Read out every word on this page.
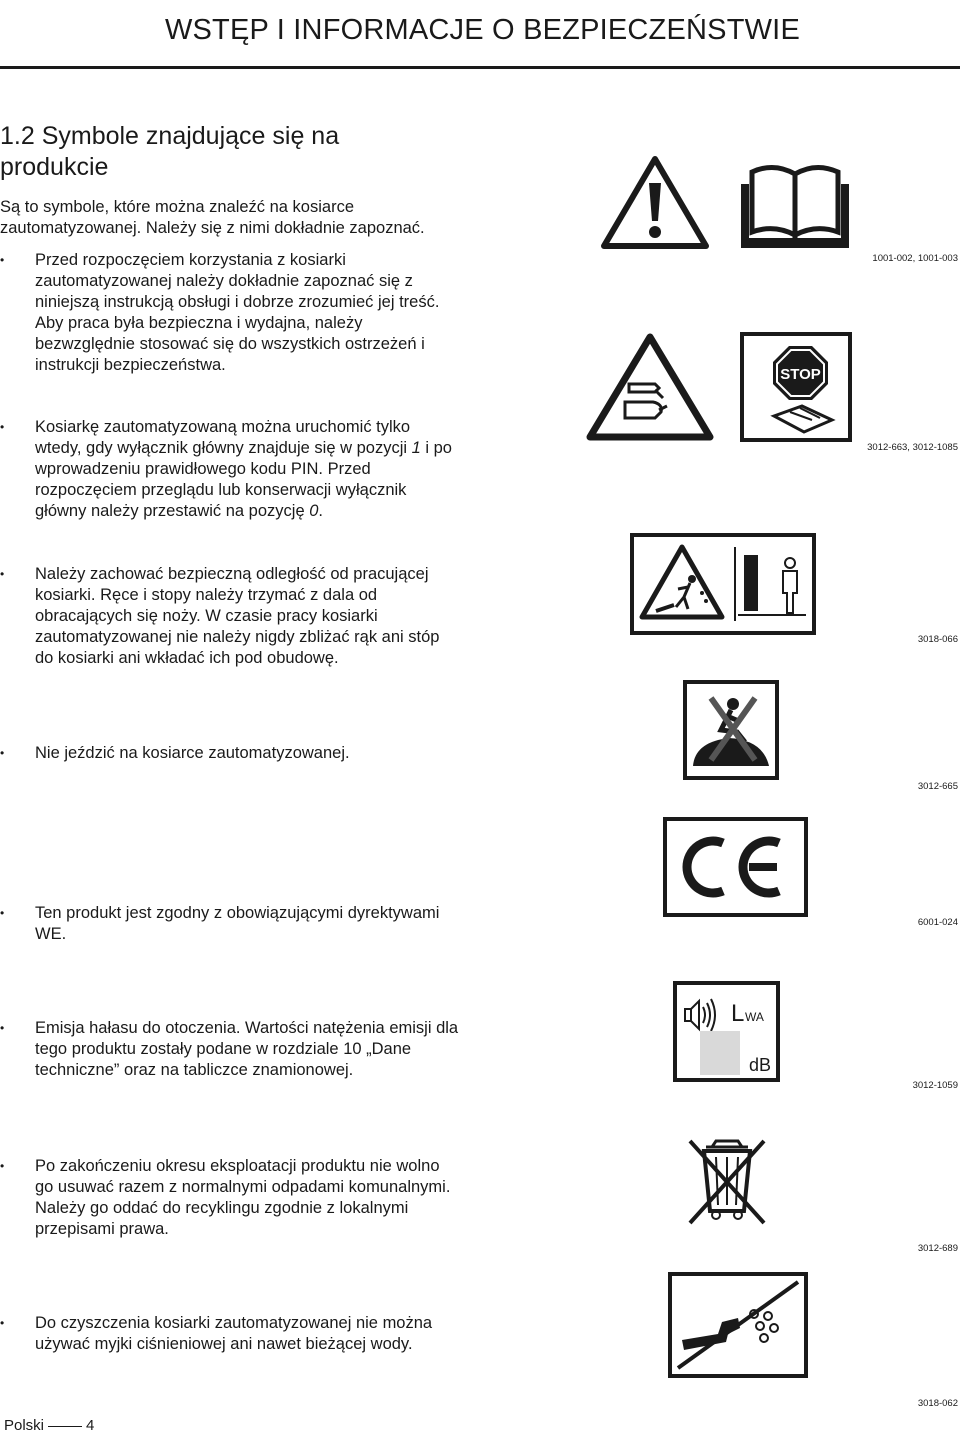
WSTĘP I INFORMACJE O BEZPIECZEŃSTWIE
1.2 Symbole znajdujące się na produkcie
Są to symbole, które można znaleźć na kosiarce zautomatyzowanej. Należy się z nimi dokładnie zapoznać.
• Przed rozpoczęciem korzystania z kosiarki zautomatyzowanej należy dokładnie zapoznać się z niniejszą instrukcją obsługi i dobrze zrozumieć jej treść. Aby praca była bezpieczna i wydajna, należy bezwzględnie stosować się do wszystkich ostrzeżeń i instrukcji bezpieczeństwa.
1001-002, 1001-003
• Kosiarkę zautomatyzowaną można uruchomić tylko wtedy, gdy wyłącznik główny znajduje się w pozycji 1 i po wprowadzeniu prawidłowego kodu PIN. Przed rozpoczęciem przeglądu lub konserwacji wyłącznik główny należy przestawić na pozycję 0.
STOP
3012-663, 3012-1085
• Należy zachować bezpieczną odległość od pracującej kosiarki. Ręce i stopy należy trzymać z dala od obracających się noży. W czasie pracy kosiarki zautomatyzowanej nie należy nigdy zbliżać rąk ani stóp do kosiarki ani wkładać ich pod obudowę.
3018-066
• Nie jeździć na kosiarce zautomatyzowanej.
3012-665
• Ten produkt jest zgodny z obowiązującymi dyrektywami WE.
6001-024
• Emisja hałasu do otoczenia. Wartości natężenia emisji dla tego produktu zostały podane w rozdziale 10 „Dane techniczne” oraz na tabliczce znamionowej.
L WA
dB
3012-1059
• Po zakończeniu okresu eksploatacji produktu nie wolno go usuwać razem z normalnymi odpadami komunalnymi. Należy go oddać do recyklingu zgodnie z lokalnymi przepisami prawa.
3012-689
• Do czyszczenia kosiarki zautomatyzowanej nie można używać myjki ciśnieniowej ani nawet bieżącej wody.
3018-062
Polski	4
